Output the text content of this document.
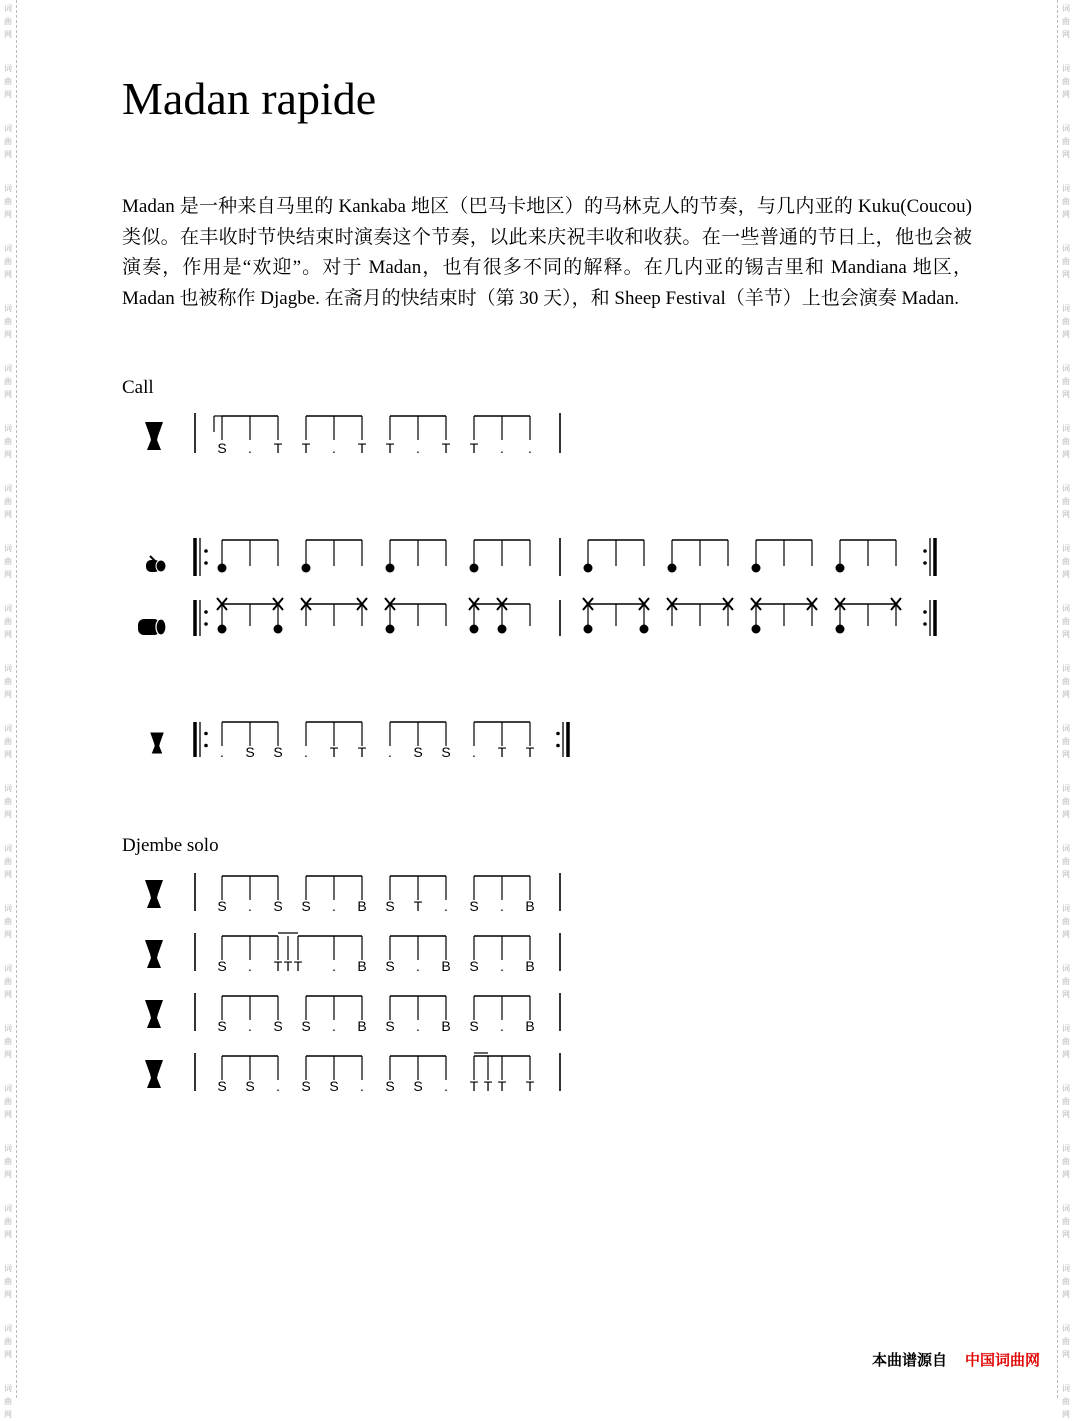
词曲网
词曲网
词曲网
词曲网
词曲网
词曲网
词曲网
词曲网
词曲网
词曲网
词曲网
词曲网
词曲网
词曲网
词曲网
词曲网
词曲网
词曲网
词曲网
词曲网
词曲网
词曲网
词曲网
词曲网
词曲网
词曲网
词曲网
词曲网
词曲网
词曲网
词曲网
词曲网
词曲网
词曲网
词曲网
词曲网
词曲网
词曲网
词曲网
词曲网
词曲网
词曲网
词曲网
词曲网
词曲网
词曲网
词曲网
词曲网
Madan rapide

Madan 是一种来自马里的 Kankaba 地区（巴马卡地区）的马林克人的节奏，与几内亚的 Kuku(Coucou)类似。在丰收时节快结束时演奏这个节奏，以此来庆祝丰收和收获。在一些普通的节日上，他也会被演奏，作用是“欢迎”。对于 Madan，也有很多不同的解释。在几内亚的锡吉里和 Mandiana 地区，Madan 也被称作 Djagbe. 在斋月的快结束时（第 30 天），和 Sheep Festival（羊节）上也会演奏 Madan.

Call
Djembe solo
S . T T . T T . T T . .
. S S . T T . S S . T T
S . S S . B S T . S . B
S . T T T . B S . B S . B
S . S S . B S . B S . B
S S . S S . S S . T T T T
本曲谱源自 中国词曲网
